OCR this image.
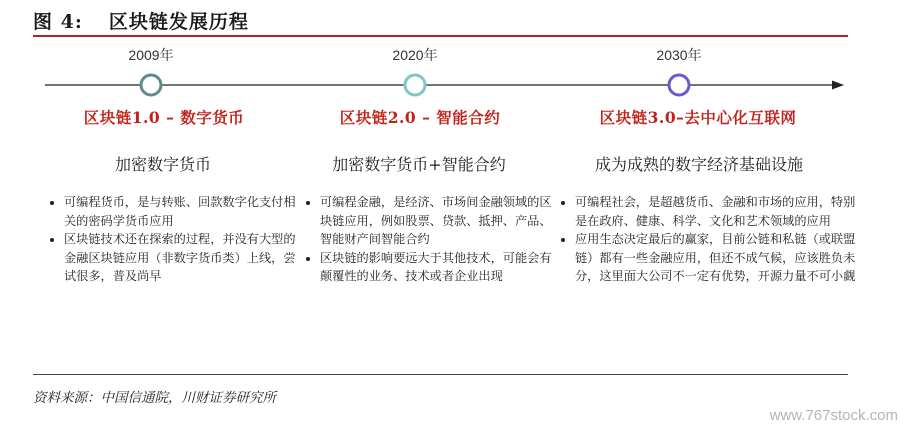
图 4: 区块链发展历程
2009年
区块链1.0 – 数字货币
加密数字货币
• 可编程货币，是与转账、回款数字化支付相关的密码学货币应用
• 区块链技术还在探索的过程，并没有大型的金融区块链应用（非数字货币类）上线，尝试很多，普及尚早
2020年
区块链2.0 – 智能合约
加密数字货币+智能合约
• 可编程金融，是经济、市场间金融领域的区块链应用，例如股票、贷款、抵押、产品、智能财产间智能合约
• 区块链的影响要远大于其他技术，可能会有颠覆性的业务、技术或者企业出现
2030年
区块链3.0–去中心化互联网
成为成熟的数字经济基础设施
• 可编程社会，是超越货币、金融和市场的应用，特别是在政府、健康、科学、文化和艺术领域的应用
• 应用生态决定最后的赢家，目前公链和私链（或联盟链）都有一些金融应用，但还不成气候，应该胜负未分，这里面大公司不一定有优势，开源力量不可小觑
资料来源：中国信通院，川财证券研究所
www.767stock.com
